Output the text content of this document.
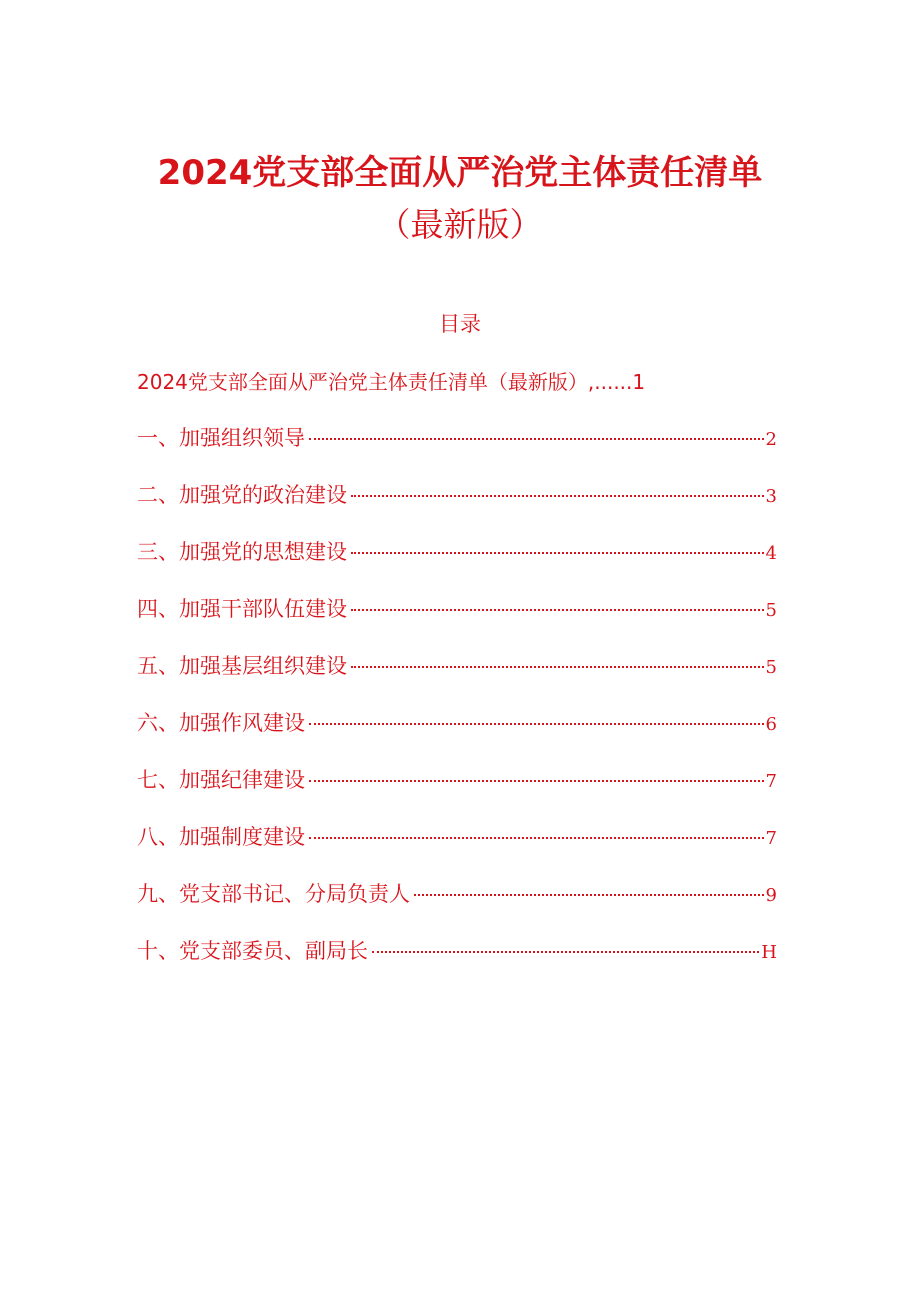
2024党支部全面从严治党主体责任清单
（最新版）
目录
2024党支部全面从严治党主体责任清单（最新版）,......1
一、加强组织领导	2
二、加强党的政治建设	3
三、加强党的思想建设	4
四、加强干部队伍建设	5
五、加强基层组织建设	5
六、加强作风建设	6
七、加强纪律建设	7
八、加强制度建设	7
九、党支部书记、分局负责人	9
十、党支部委员、副局长	H
